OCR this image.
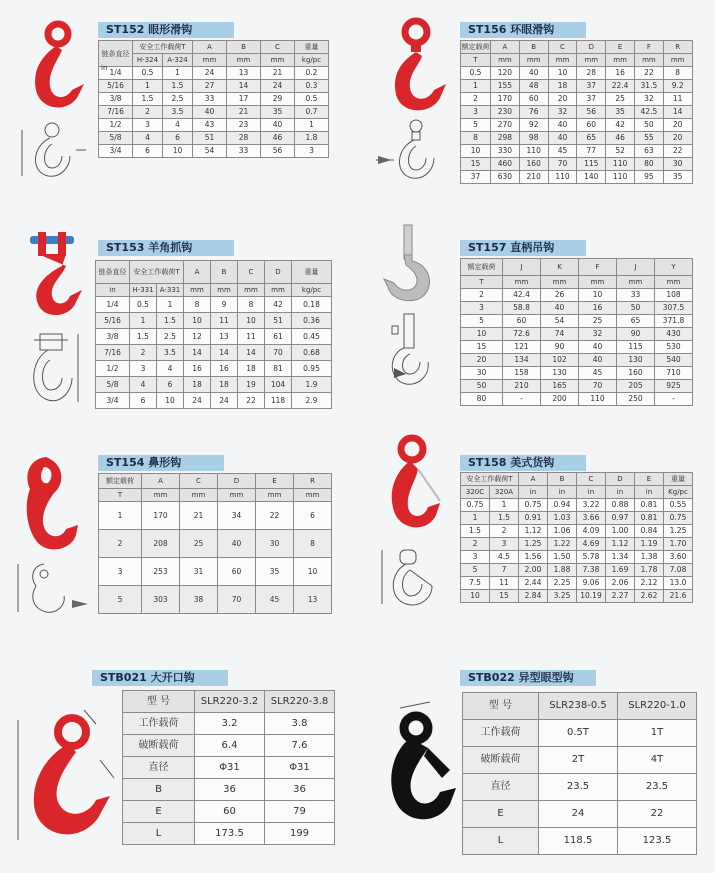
ST152 眼形滑钩
链条直径	安全工作载荷T		A	B	C	重量
	H-324	A-324	mm	mm	mm	kg/pc
1/4	0.5	1	24	13	21	0.2
5/16	1	1.5	27	14	24	0.3
3/8	1.5	2.5	33	17	29	0.5
7/16	2	3.5	40	21	35	0.7
1/2	3	4	43	23	40	1
5/8	4	6	51	28	46	1.8
3/4	6	10	54	33	56	3
in
ST156 环眼滑钩
额定载荷	A	B	C	D	E	F	R
T	mm	mm	mm	mm	mm	mm	mm
0.5	120	40	10	28	16	22	8
1	155	48	18	37	22.4	31.5	9.2
2	170	60	20	37	25	32	11
3	230	76	32	56	35	42.5	14
5	270	92	40	60	42	50	20
8	298	98	40	65	46	55	20
10	330	110	45	77	52	63	22
15	460	160	70	115	110	80	30
37	630	210	110	140	110	95	35
ST153 羊角抓钩
链条直径	安全工作载荷T		A	B	C	D	重量
in	H-331	A-331	mm	mm	mm	mm	kg/pc
1/4	0.5	1	8	9	8	42	0.18
5/16	1	1.5	10	11	10	51	0.36
3/8	1.5	2.5	12	13	11	61	0.45
7/16	2	3.5	14	14	14	70	0.68
1/2	3	4	16	16	18	81	0.95
5/8	4	6	18	18	19	104	1.9
3/4	6	10	24	24	22	118	2.9
ST157 直柄吊钩
额定载荷	J	K	F	J	Y
T	mm	mm	mm	mm	mm
2	42.4	26	10	33	108
3	58.8	40	16	50	307.5
5	60	54	25	65	371.8
10	72.6	74	32	90	430
15	121	90	40	115	530
20	134	102	40	130	540
30	158	130	45	160	710
50	210	165	70	205	925
80	-	200	110	250	-
ST154 鼻形钩
额定载荷	A	C	D	E	R
T	mm	mm	mm	mm	mm
1	170	21	34	22	6
2	208	25	40	30	8
3	253	31	60	35	10
5	303	38	70	45	13
ST158 美式货钩
安全工作载荷T		A	B	C	D	E	重量
320C	320A	in	in	in	in	in	Kg/pc
0.75	1	0.75	0.94	3.22	0.88	0.81	0.55
1	1.5	0.91	1.03	3.66	0.97	0.81	0.75
1.5	2	1.12	1.06	4.09	1.00	0.84	1.25
2	3	1.25	1.22	4.69	1.12	1.19	1.70
3	4.5	1.56	1.50	5.78	1.34	1.38	3.60
5	7	2.00	1.88	7.38	1.69	1.78	7.08
7.5	11	2.44	2.25	9.06	2.06	2.12	13.0
10	15	2.84	3.25	10.19	2.27	2.62	21.6
STB021 大开口钩
型 号	SLR220-3.2	SLR220-3.8
工作载荷	3.2	3.8
破断载荷	6.4	7.6
直径	Φ31	Φ31
B	36	36
E	60	79
L	173.5	199
STB022 异型眼型钩
型 号	SLR238-0.5	SLR220-1.0
工作载荷	0.5T	1T
破断载荷	2T	4T
直径	23.5	23.5
E	24	22
L	118.5	123.5
